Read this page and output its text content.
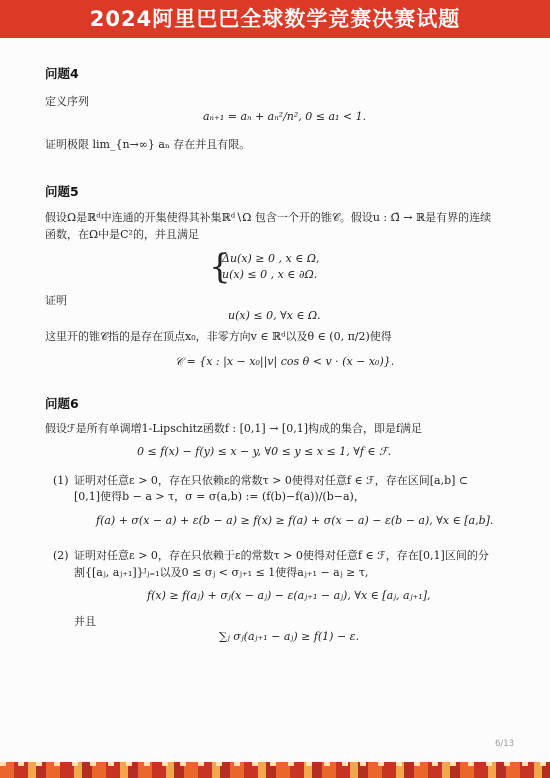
2024阿里巴巴全球数学竞赛决赛试题
问题4
定义序列
aₙ₊₁ = aₙ + aₙ²/n², 0 ≤ a₁ < 1.
证明极限 lim_{n→∞} aₙ 存在并且有限。
问题5
假设Ω是ℝᵈ中连通的开集使得其补集ℝᵈ∖Ω 包含一个开的锥𝒞。假设u : Ω̄ → ℝ是有界的连续
函数，在Ω中是C²的，并且满足
{
Δu(x) ≥ 0 , x ∈ Ω,
u(x) ≤ 0 , x ∈ ∂Ω.
证明
u(x) ≤ 0, ∀x ∈ Ω.
这里开的锥𝒞指的是存在顶点x₀，非零方向v ∈ ℝᵈ以及θ ∈ (0, π/2)使得
𝒞 = {x : |x − x₀||v| cos θ < v · (x − x₀)}.
问题6
假设ℱ是所有单调增1-Lipschitz函数f : [0,1] → [0,1]构成的集合，即是f满足
0 ≤ f(x) − f(y) ≤ x − y, ∀0 ≤ y ≤ x ≤ 1, ∀f ∈ ℱ.
(1) 证明对任意ε > 0，存在只依赖ε的常数τ > 0使得对任意f ∈ ℱ，存在区间[a,b] ⊂
[0,1]使得b − a > τ，σ = σ(a,b) := (f(b)−f(a))/(b−a)，
f(a) + σ(x − a) + ε(b − a) ≥ f(x) ≥ f(a) + σ(x − a) − ε(b − a), ∀x ∈ [a,b].
(2) 证明对任意ε > 0，存在只依赖于ε的常数τ > 0使得对任意f ∈ ℱ，存在[0,1]区间的分
割{[aⱼ, aⱼ₊₁]}ᴶⱼ₌₁以及0 ≤ σⱼ < σⱼ₊₁ ≤ 1使得aⱼ₊₁ − aⱼ ≥ τ,
f(x) ≥ f(aⱼ) + σⱼ(x − aⱼ) − ε(aⱼ₊₁ − aⱼ), ∀x ∈ [aⱼ, aⱼ₊₁],
并且
∑ⱼ σⱼ(aⱼ₊₁ − aⱼ) ≥ f(1) − ε.
6/13
